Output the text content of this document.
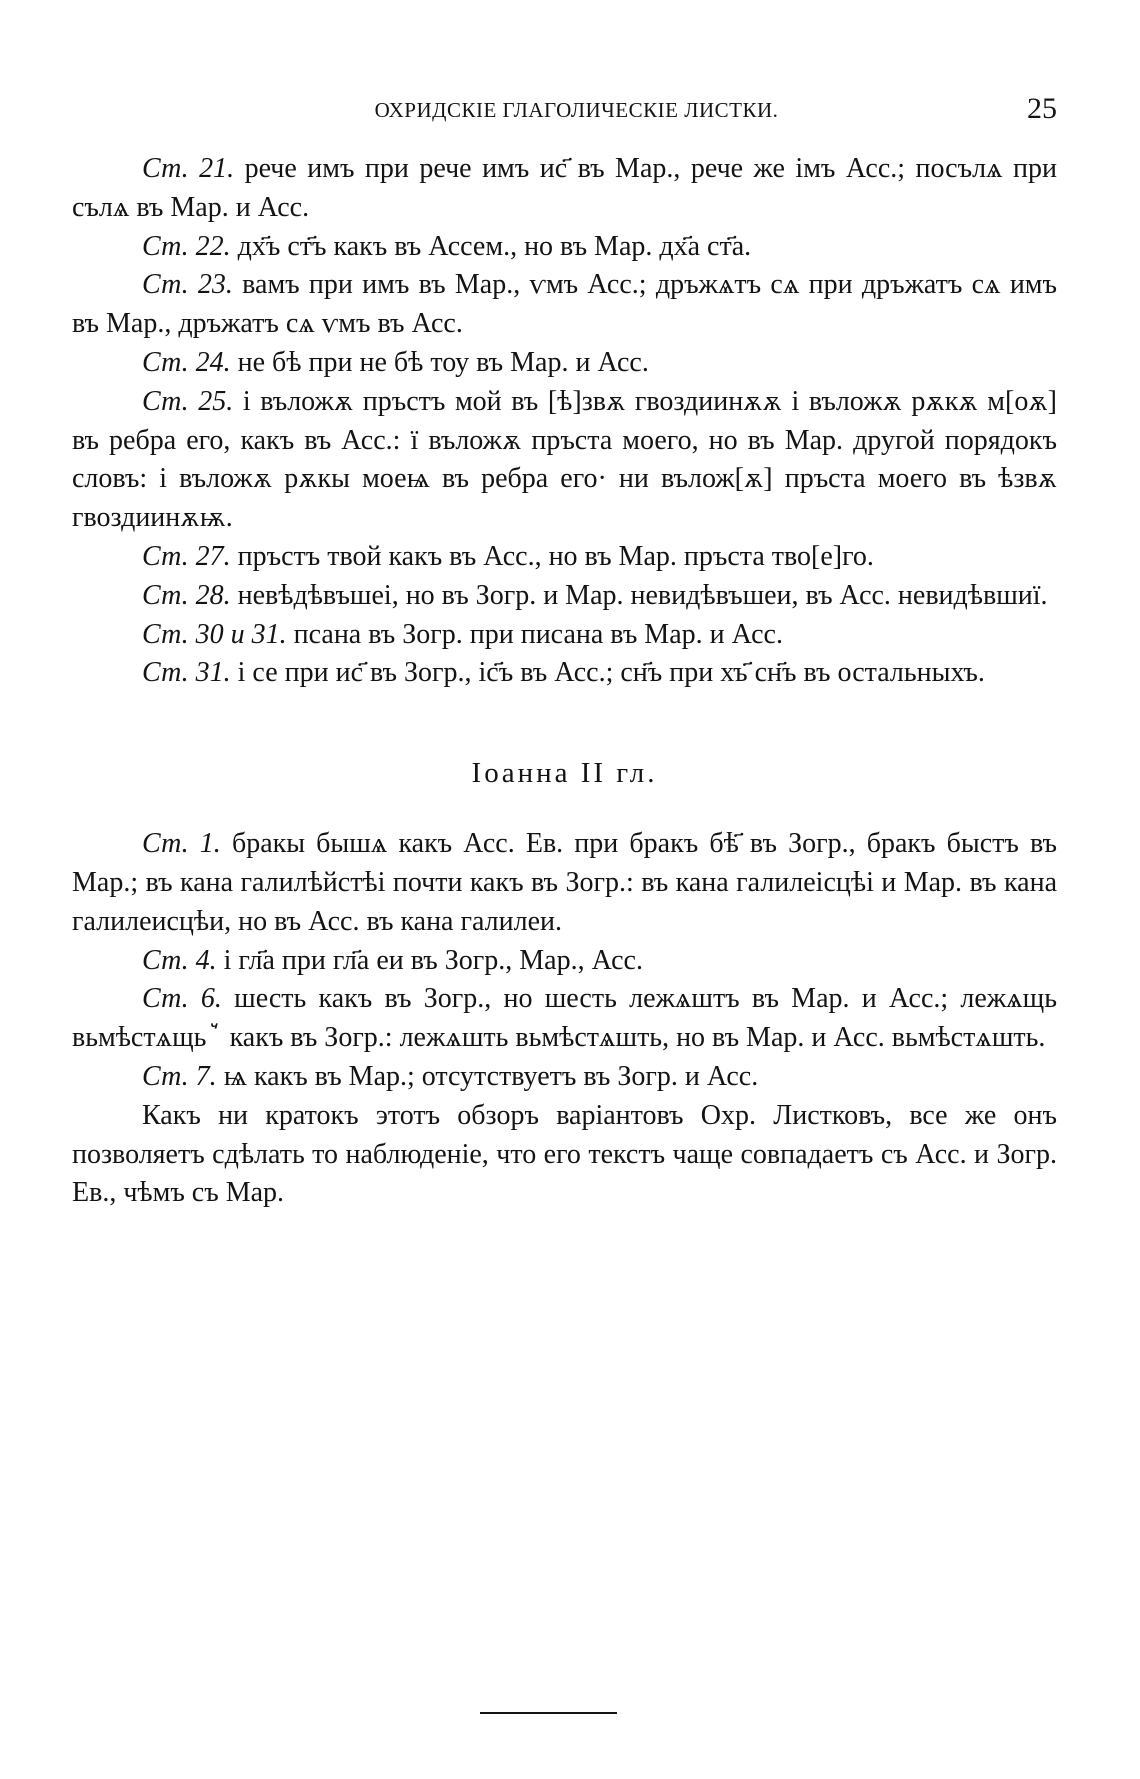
ОХРИДСКІЕ ГЛАГОЛИЧЕСКІЕ ЛИСТКИ.	25

Ст. 21. рече имъ при рече имъ ис҃ въ Мар., рече же імъ Асс.; посълѧ при сълѧ въ Мар. и Асс.

Ст. 22. дх҃ъ ст҃ъ какъ въ Ассем., но въ Мар. дх҃а ст҃а.

Ст. 23. вамъ при имъ въ Мар., ѵмъ Асс.; дръжѧтъ сѧ при дръжатъ сѧ имъ въ Мар., дръжатъ сѧ ѵмъ въ Асс.

Ст. 24. не бѣ при не бѣ тоу въ Мар. и Асс.

Ст. 25. і въложѫ пръстъ мой въ [ѣ]звѫ гвоздиинѫѫ і въложѫ рѫкѫ м[оѫ] въ ребра его, какъ въ Асс.: ї въложѫ пръста моего, но въ Мар. другой порядокъ словъ: і въложѫ рѫкы моеѩ въ ребра его· ни вълож[ѫ] пръста моего въ ѣзвѫ гвоздиинѫѭ.

Ст. 27. пръстъ твой какъ въ Асс., но въ Мар. пръста тво[е]го.

Ст. 28. невѣдѣвъшеі, но въ Зогр. и Мар. невидѣвъшеи, въ Асс. невидѣвшиї.

Ст. 30 и 31. псана въ Зогр. при писана въ Мар. и Асс.

Ст. 31. і се при ис҃ въ Зогр., іс҃ъ въ Асс.; сн҃ъ при хъ҃ сн҃ъ въ остальныхъ.

Іоанна II гл.

Ст. 1. бракы бышѧ какъ Асс. Ев. при бракъ бѣ҃ въ Зогр., бракъ быстъ въ Мар.; въ кана галилѣйстѣі почти какъ въ Зогр.: въ кана галилеiсцѣі и Мар. въ кана галилеисцѣи, но въ Асс. въ кана галилеи.

Ст. 4. і гл҃а при гл҃а еи въ Зогр., Мар., Асс.

Ст. 6. шесть какъ въ Зогр., но шесть лежѧштъ въ Мар. и Асс.; лежѧщь вьмѣстѧщьꙿ какъ въ Зогр.: лежѧшть вьмѣстѧшть, но въ Мар. и Асс. вьмѣстѧшть.

Ст. 7. ѩ какъ въ Мар.; отсутствуетъ въ Зогр. и Асс.

Какъ ни кратокъ этотъ обзоръ варіантовъ Охр. Листковъ, все же онъ позволяетъ сдѣлать то наблюденіе, что его текстъ чаще совпадаетъ съ Асс. и Зогр. Ев., чѣмъ съ Мар.
